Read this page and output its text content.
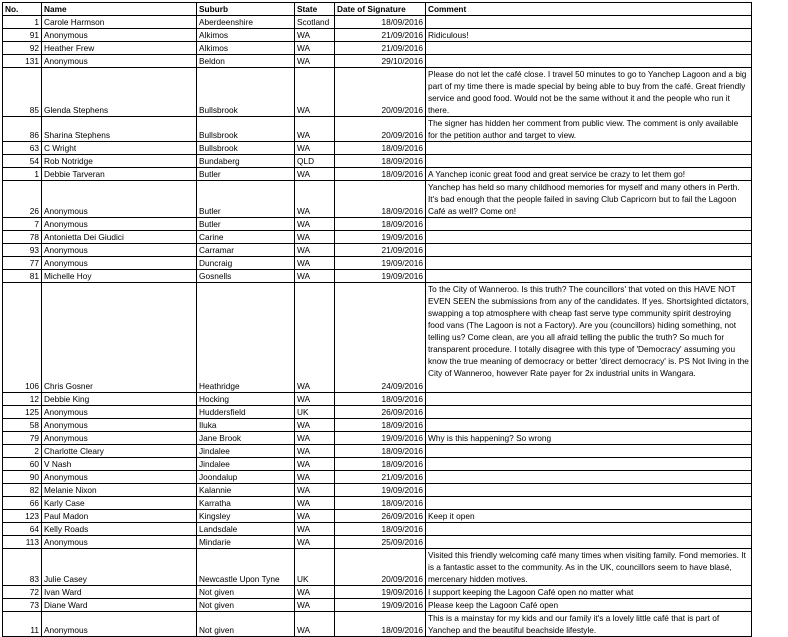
No.	Name	Suburb	State	Date of Signature	Comment
1	Carole Harmson	Aberdeenshire	Scotland	18/09/2016	
91	Anonymous	Alkimos	WA	21/09/2016	Ridiculous!
92	Heather Frew	Alkimos	WA	21/09/2016	
131	Anonymous	Beldon	WA	29/10/2016	
85	Glenda Stephens	Bullsbrook	WA	20/09/2016	Please do not let the café close. I travel 50 minutes to go to Yanchep Lagoon and a big part of my time there is made special by being able to buy from the café. Great friendly service and good food. Would not be the same without it and the people who run it there.
86	Sharina Stephens	Bullsbrook	WA	20/09/2016	The signer has hidden her comment from public view. The comment is only available for the petition author and target to view.
63	C Wright	Bullsbrook	WA	18/09/2016	
54	Rob Notridge	Bundaberg	QLD	18/09/2016	
1	Debbie Tarveran	Butler	WA	18/09/2016	A Yanchep iconic great food and great service be crazy to let them go!
26	Anonymous	Butler	WA	18/09/2016	Yanchep has held so many childhood memories for myself and many others in Perth. It's bad enough that the people failed in saving Club Capricorn but to fail the Lagoon Café as well? Come on!
7	Anonymous	Butler	WA	18/09/2016	
78	Antonietta Dei Giudici	Carine	WA	19/09/2016	
93	Anonymous	Carramar	WA	21/09/2016	
77	Anonymous	Duncraig	WA	19/09/2016	
81	Michelle Hoy	Gosnells	WA	19/09/2016	
106	Chris Gosner	Heathridge	WA	24/09/2016	To the City of Wanneroo. Is this truth? The councillors' that voted on this HAVE NOT EVEN SEEN the submissions from any of the candidates. If yes. Shortsighted dictators, swapping a top atmosphere with cheap fast serve type community spirit destroying food vans (The Lagoon is not a Factory). Are you (councillors) hiding something, not telling us? Come clean, are you all afraid telling the public the truth? So much for transparent procedure. I totally disagree with this type of 'Democracy' assuming you know the true meaning of democracy or better 'direct democracy' is. PS Not living in the City of Wanneroo, however Rate payer for 2x industrial units in Wangara.
12	Debbie King	Hocking	WA	18/09/2016	
125	Anonymous	Huddersfield	UK	26/09/2016	
58	Anonymous	Iluka	WA	18/09/2016	
79	Anonymous	Jane Brook	WA	19/09/2016	Why is this happening? So wrong
2	Charlotte Cleary	Jindalee	WA	18/09/2016	
60	V Nash	Jindalee	WA	18/09/2016	
90	Anonymous	Joondalup	WA	21/09/2016	
82	Melanie Nixon	Kalannie	WA	19/09/2016	
66	Karly Case	Karratha	WA	18/09/2016	
123	Paul Madon	Kingsley	WA	26/09/2016	Keep it open
64	Kelly Roads	Landsdale	WA	18/09/2016	
113	Anonymous	Mindarie	WA	25/09/2016	
83	Julie Casey	Newcastle Upon Tyne	UK	20/09/2016	Visited this friendly welcoming café many times when visiting family. Fond memories. It is a fantastic asset to the community. As in the UK, councillors seem to have blasé, mercenary hidden motives.
72	Ivan Ward	Not given	WA	19/09/2016	I support keeping the Lagoon Café open no matter what
73	Diane Ward	Not given	WA	19/09/2016	Please keep the Lagoon Café open
11	Anonymous	Not given	WA	18/09/2016	This is a mainstay for my kids and our family it's a lovely little café that is part of Yanchep and the beautiful beachside lifestyle.
